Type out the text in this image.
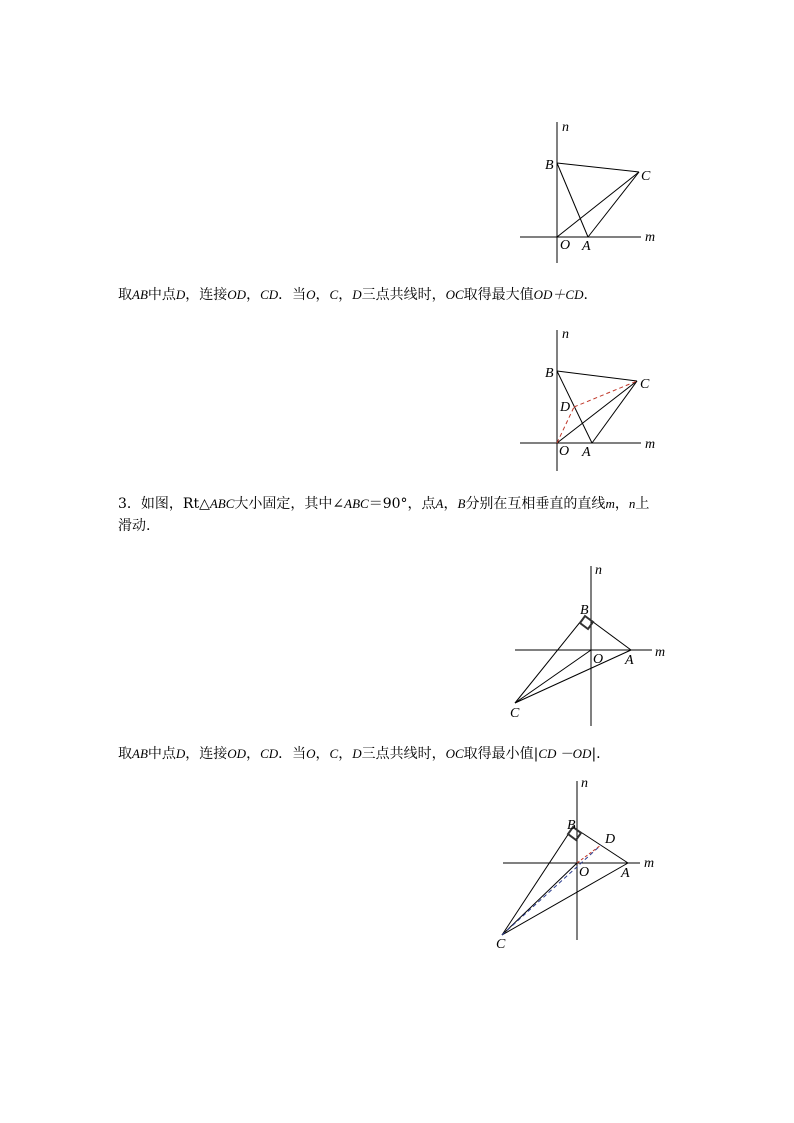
n
B
C
O A
m
取AB中点D，连接OD，CD．当O，C，D三点共线时，OC取得最大值OD＋CD.
n
B
C
D
O A
m
3．如图，Rt△ABC大小固定，其中∠ABC＝90°，点A，B分别在互相垂直的直线m，n上
滑动.
n
B
O A
m
C
取AB中点D，连接OD，CD．当O，C，D三点共线时，OC取得最小值|CD －OD|.
n
B
D
O A
m
C
